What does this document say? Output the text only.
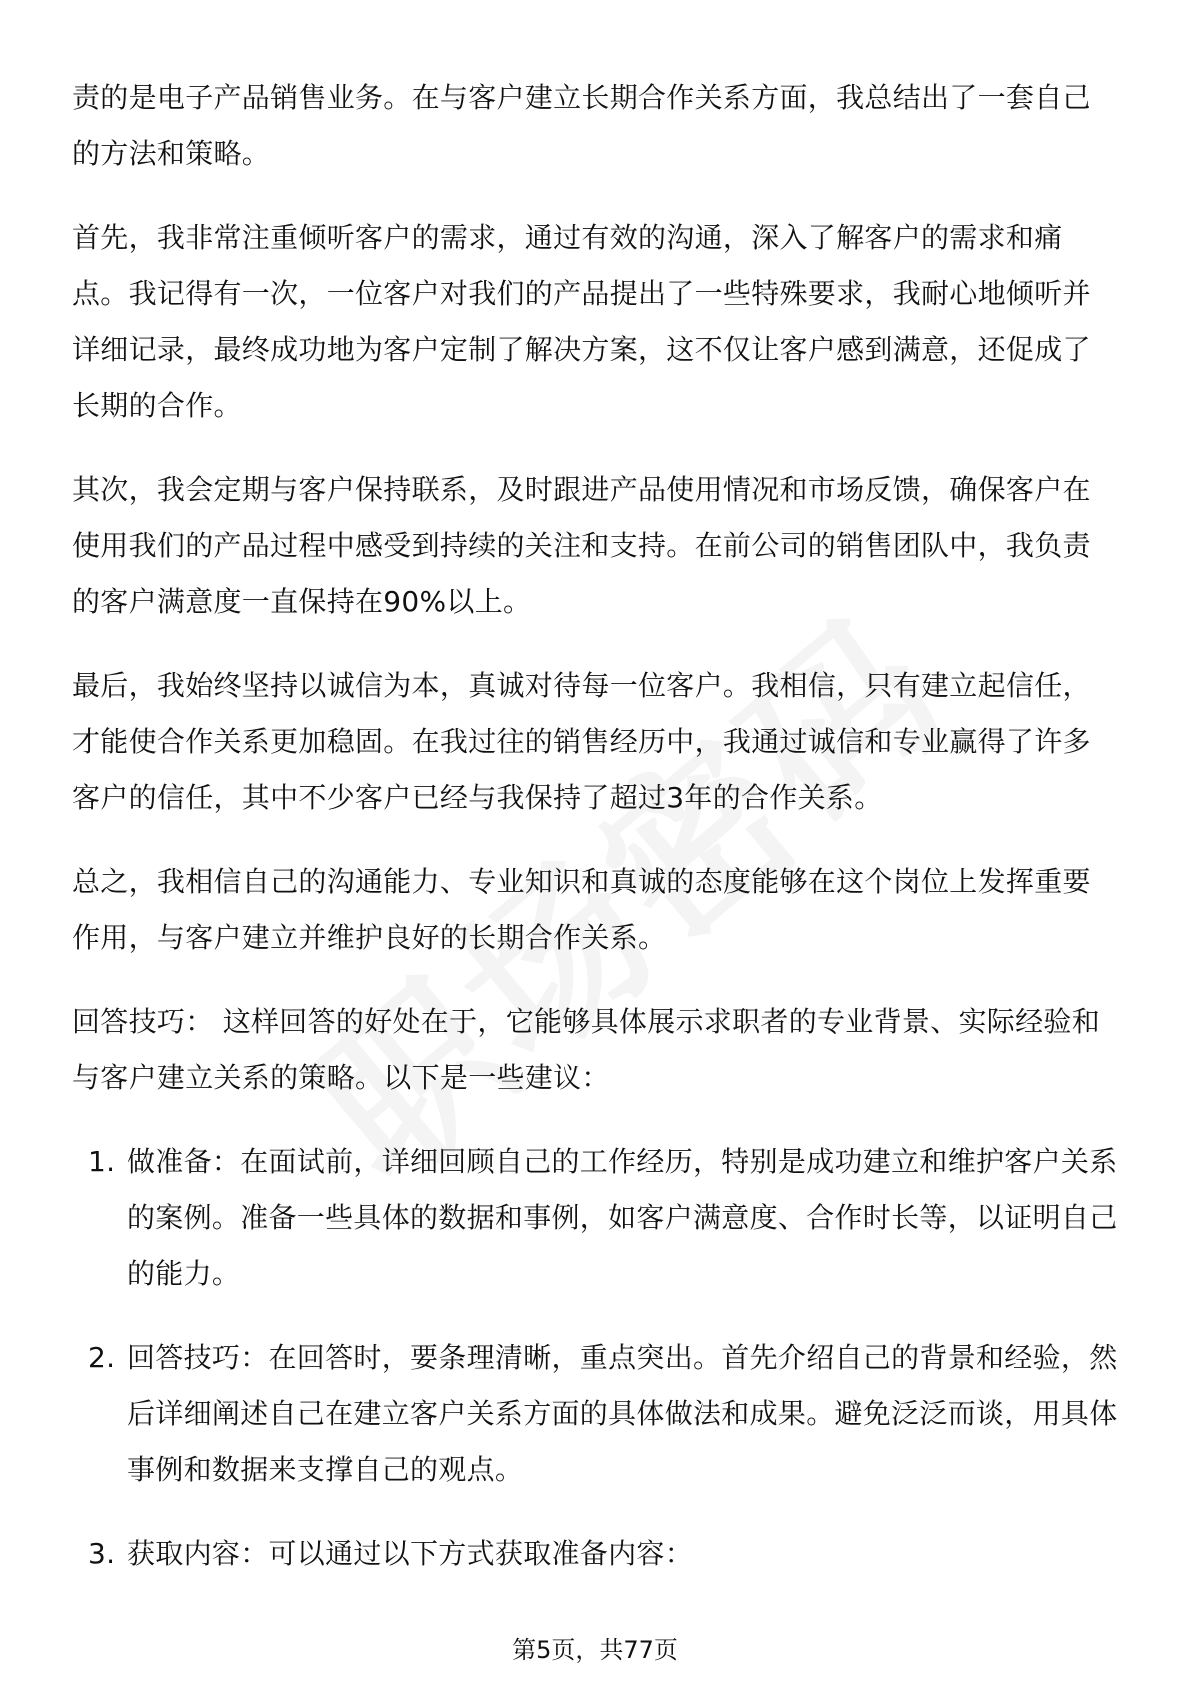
责的是电子产品销售业务。在与客户建立长期合作关系方面，我总结出了一套自己的方法和策略。

首先，我非常注重倾听客户的需求，通过有效的沟通，深入了解客户的需求和痛点。我记得有一次，一位客户对我们的产品提出了一些特殊要求，我耐心地倾听并详细记录，最终成功地为客户定制了解决方案，这不仅让客户感到满意，还促成了长期的合作。

其次，我会定期与客户保持联系，及时跟进产品使用情况和市场反馈，确保客户在使用我们的产品过程中感受到持续的关注和支持。在前公司的销售团队中，我负责的客户满意度一直保持在90%以上。

最后，我始终坚持以诚信为本，真诚对待每一位客户。我相信，只有建立起信任，才能使合作关系更加稳固。在我过往的销售经历中，我通过诚信和专业赢得了许多客户的信任，其中不少客户已经与我保持了超过3年的合作关系。

总之，我相信自己的沟通能力、专业知识和真诚的态度能够在这个岗位上发挥重要作用，与客户建立并维护良好的长期合作关系。

回答技巧： 这样回答的好处在于，它能够具体展示求职者的专业背景、实际经验和与客户建立关系的策略。以下是一些建议：

1. 做准备：在面试前，详细回顾自己的工作经历，特别是成功建立和维护客户关系的案例。准备一些具体的数据和事例，如客户满意度、合作时长等，以证明自己的能力。
2. 回答技巧：在回答时，要条理清晰，重点突出。首先介绍自己的背景和经验，然后详细阐述自己在建立客户关系方面的具体做法和成果。避免泛泛而谈，用具体事例和数据来支撑自己的观点。
3. 获取内容：可以通过以下方式获取准备内容：
第5页，共77页
